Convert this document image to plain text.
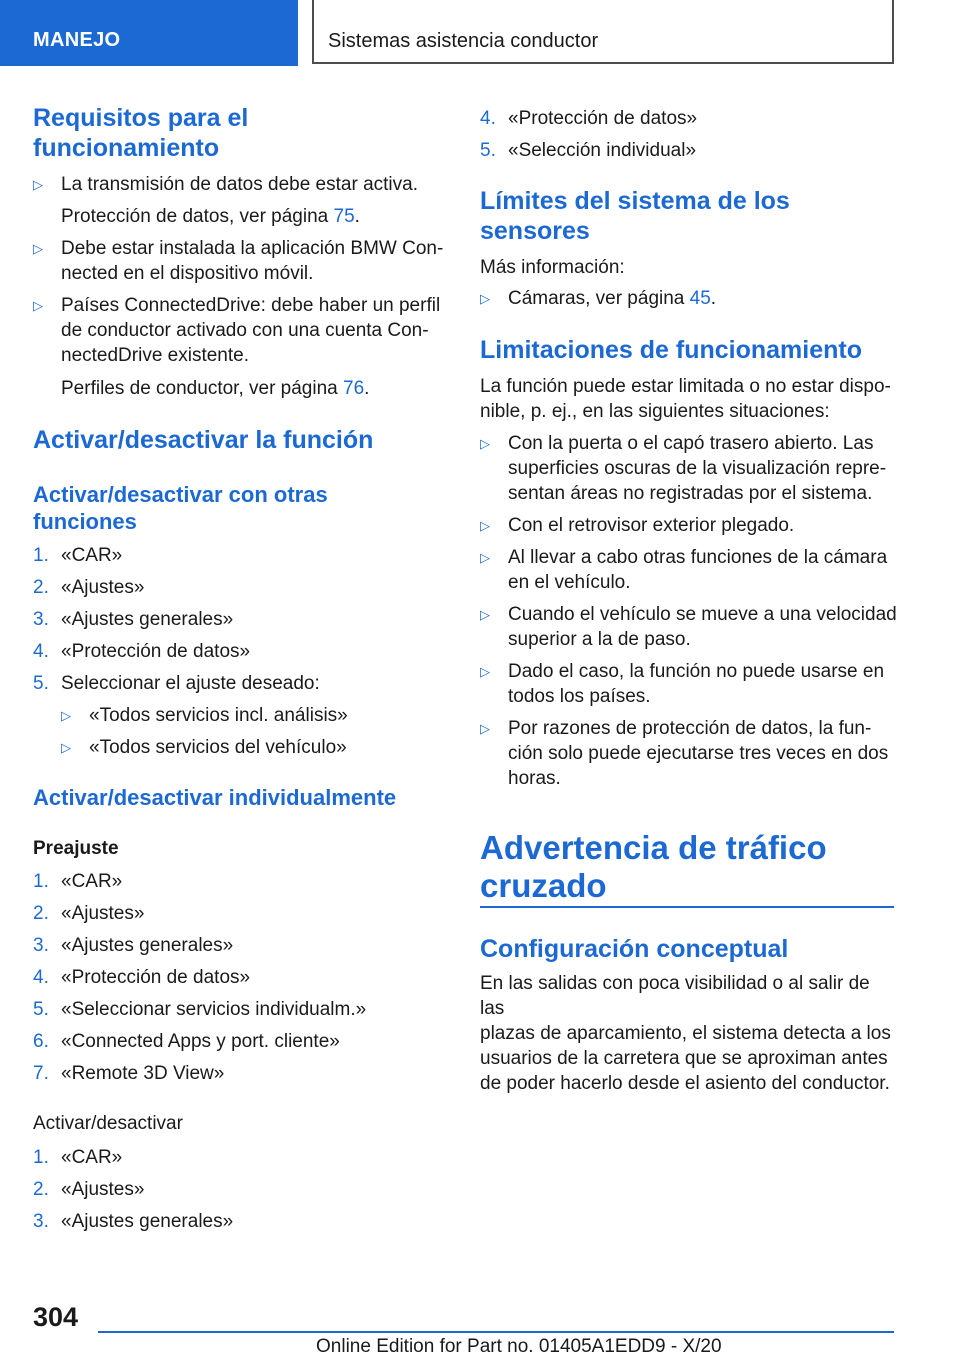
MANEJO	Sistemas asistencia conductor
Requisitos para el
funcionamiento
▷ La transmisión de datos debe estar activa.
Protección de datos, ver página 75.
▷ Debe estar instalada la aplicación BMW Con-
nected en el dispositivo móvil.
▷ Países ConnectedDrive: debe haber un perfil
de conductor activado con una cuenta Con-
nectedDrive existente.
Perfiles de conductor, ver página 76.
Activar/desactivar la función
Activar/desactivar con otras
funciones
1. «CAR»
2. «Ajustes»
3. «Ajustes generales»
4. «Protección de datos»
5. Seleccionar el ajuste deseado:
▷ «Todos servicios incl. análisis»
▷ «Todos servicios del vehículo»
Activar/desactivar individualmente
Preajuste
1. «CAR»
2. «Ajustes»
3. «Ajustes generales»
4. «Protección de datos»
5. «Seleccionar servicios individualm.»
6. «Connected Apps y port. cliente»
7. «Remote 3D View»
Activar/desactivar
1. «CAR»
2. «Ajustes»
3. «Ajustes generales»
4. «Protección de datos»
5. «Selección individual»
Límites del sistema de los
sensores
Más información:
▷ Cámaras, ver página 45.
Limitaciones de funcionamiento
La función puede estar limitada o no estar dispo-
nible, p. ej., en las siguientes situaciones:
▷ Con la puerta o el capó trasero abierto. Las
superficies oscuras de la visualización repre-
sentan áreas no registradas por el sistema.
▷ Con el retrovisor exterior plegado.
▷ Al llevar a cabo otras funciones de la cámara
en el vehículo.
▷ Cuando el vehículo se mueve a una velocidad
superior a la de paso.
▷ Dado el caso, la función no puede usarse en
todos los países.
▷ Por razones de protección de datos, la fun-
ción solo puede ejecutarse tres veces en dos
horas.
Advertencia de tráfico
cruzado
Configuración conceptual
En las salidas con poca visibilidad o al salir de las
plazas de aparcamiento, el sistema detecta a los
usuarios de la carretera que se aproximan antes
de poder hacerlo desde el asiento del conductor.
304
Online Edition for Part no. 01405A1EDD9 - X/20
